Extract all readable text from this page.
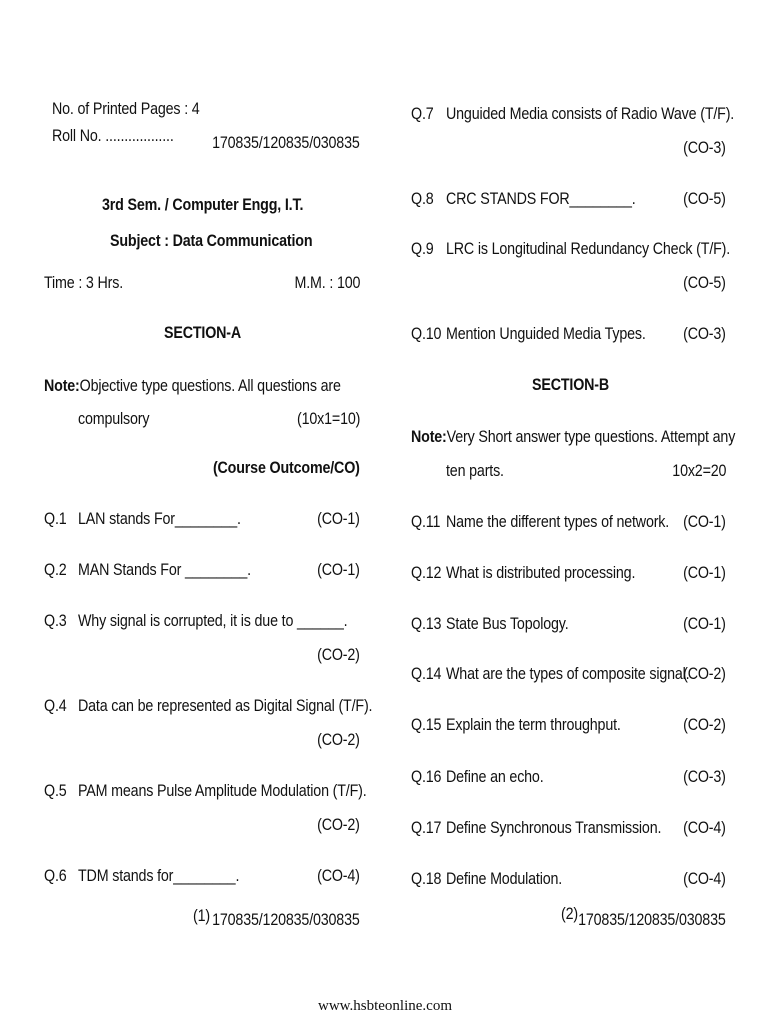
No. of Printed Pages : 4
Roll No. .................. 170835/120835/030835
3rd Sem. / Computer Engg, I.T.
Subject : Data Communication
Time : 3 Hrs.	M.M. : 100
SECTION-A
Note:Objective type questions. All questions are
compulsory	(10x1=10)
(Course Outcome/CO)
Q.1 LAN stands For________.	(CO-1)
Q.2 MAN Stands For ________.	(CO-1)
Q.3 Why signal is corrupted, it is due to ______.
(CO-2)
Q.4 Data can be represented as Digital Signal (T/F).
(CO-2)
Q.5 PAM means Pulse Amplitude Modulation (T/F).
(CO-2)
Q.6 TDM stands for________.	(CO-4)
(1) 170835/120835/030835
Q.7 Unguided Media consists of Radio Wave (T/F).
(CO-3)
Q.8 CRC STANDS FOR________.	(CO-5)
Q.9 LRC is Longitudinal Redundancy Check (T/F).
(CO-5)
Q.10 Mention Unguided Media Types. (CO-3)
SECTION-B
Note:Very Short answer type questions. Attempt any
ten parts.	10x2=20
Q.11 Name the different types of network. (CO-1)
Q.12 What is distributed processing.	(CO-1)
Q.13 State Bus Topology.	(CO-1)
Q.14 What are the types of composite signal.
(CO-2)
Q.15 Explain the term throughput.	(CO-2)
Q.16 Define an echo.	(CO-3)
Q.17 Define Synchronous Transmission. (CO-4)
Q.18 Define Modulation.	(CO-4)
(2) 170835/120835/030835
www.hsbteonline.com
